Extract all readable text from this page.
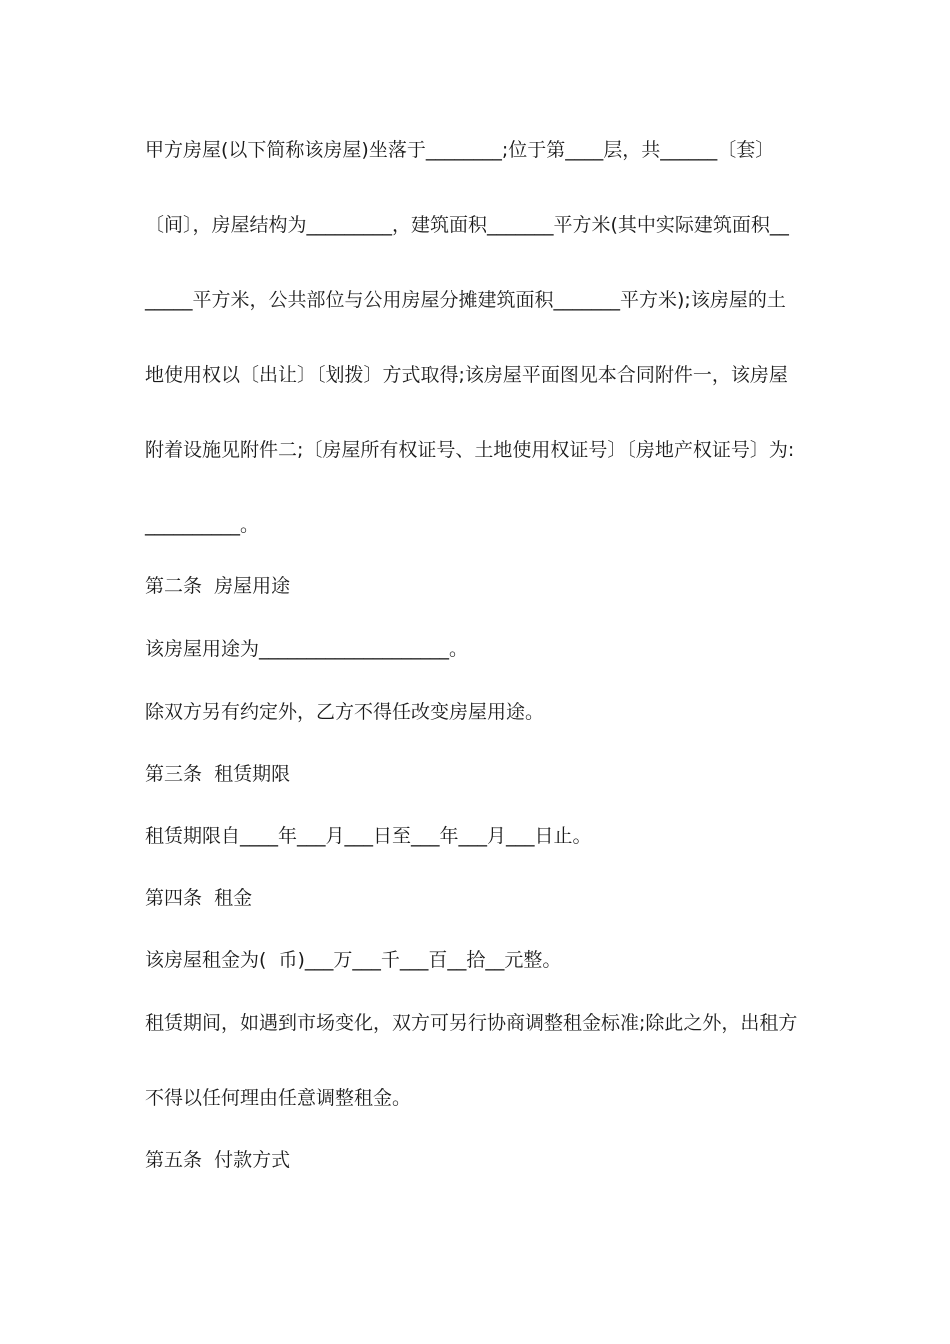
甲方房屋(以下简称该房屋)坐落于________;位于第____层，共______〔套〕
〔间〕，房屋结构为_________，建筑面积_______平方米(其中实际建筑面积__
_____平方米，公共部位与公用房屋分摊建筑面积_______平方米);该房屋的土
地使用权以〔出让〕〔划拨〕方式取得;该房屋平面图见本合同附件一，该房屋
附着设施见附件二;〔房屋所有权证号、土地使用权证号〕〔房地产权证号〕为:
__________。
第二条  房屋用途
该房屋用途为____________________。
除双方另有约定外，乙方不得任改变房屋用途。
第三条  租赁期限
租赁期限自____年___月___日至___年___月___日止。
第四条  租金
该房屋租金为(  币)___万___千___百__拾__元整。
租赁期间，如遇到市场变化，双方可另行协商调整租金标准;除此之外，出租方
不得以任何理由任意调整租金。
第五条  付款方式
